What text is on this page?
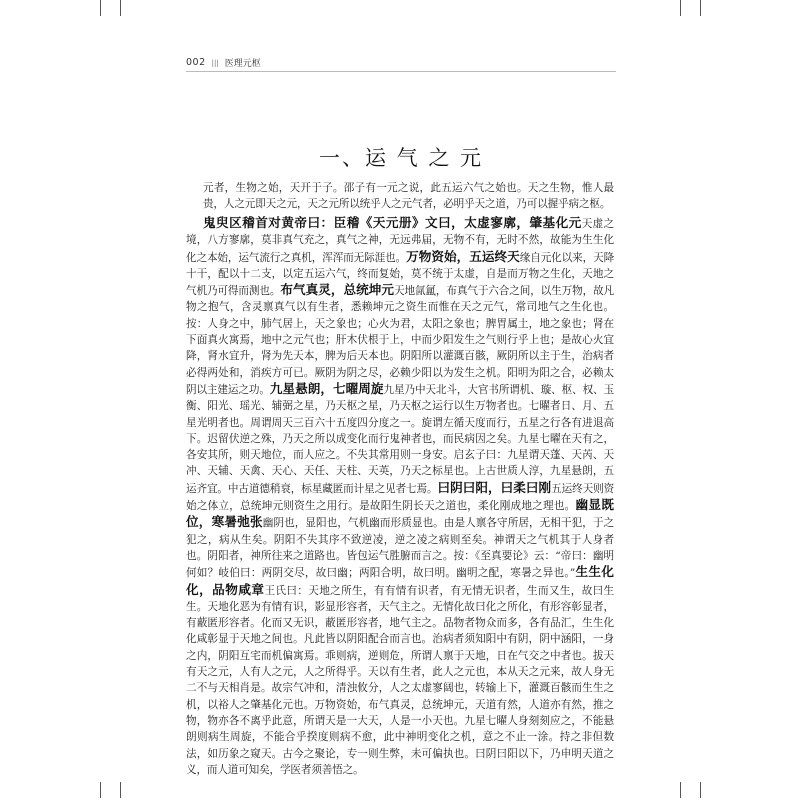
002 ||| 医理元枢
一、运 气 之 元
元者，生物之始，天开于子。邵子有一元之说，此五运六气之始也。天之生物，惟人最贵，人之元即天之元，天之元所以统乎人之元气者，必明乎天之道，乃可以握乎病之枢。
鬼臾区稽首对黄帝曰：臣稽《天元册》文曰，太虚寥廓，肇基化元天虚之境，八方寥廓，莫非真气充之，真气之神，无远弗届，无物不有，无时不然，故能为生生化化之本始，运气流行之真机，浑浑而无际涯也。万物资始，五运终天缘自元化以来，天降十干，配以十二支，以定五运六气，终而复始，莫不统于太虚，自是而万物之生化，天地之气机乃可得而测也。布气真灵，总统坤元天地氤氲，布真气于六合之间，以生万物，故凡物之抱气，含灵禀真气以有生者，悉赖坤元之资生而惟在天之元气，常司地气之生化也。按：人身之中，肺气居上，天之象也；心火为君，太阳之象也；脾胃属土，地之象也；肾在下面真火寓焉，地中之元气也；肝木伏根于上，中而少阳发生之气则行乎上也；是故心火宜降，肾水宜升，肾为先天本，脾为后天本也。阴阳所以灌溉百骸，厥阴所以主于生，治病者必得两处和，消疾方可已。厥阴为阴之尽，必赖少阳以为发生之机。阳明为阳之合，必赖太阴以主建运之功。九星悬朗，七曜周旋九星乃中天北斗，大官书所谓机、璇、枢、权、玉衡、阳光、瑶光、辅弼之星，乃天枢之星，乃天枢之运行以生万物者也。七曜者日、月、五星光明者也。周谓周天三百六十五度四分度之一。旋谓左循天度而行，五星之行各有进退高下。迟留伏逆之殊，乃天之所以成变化而行鬼神者也，而民病因之矣。九星七曜在天有之，各安其所，则天地位，而人应之。不失其常用则一身安。启玄子曰：九星谓天蓬、天芮、天冲、天辅、天禽、天心、天任、天柱、天英，乃天之标星也。上古世质人淳，九星悬朗，五运齐宜。中古道德稍衰，标星藏匿而计星之见者七焉。曰阴曰阳，曰柔曰刚五运终天则资始之体立，总统坤元则资生之用行。是故阳生阴长天之道也，柔化刚成地之理也。幽显既位，寒暑弛张幽阴也，显阳也，气机幽而形质显也。由是人禀各守所居，无相干犯，于之犯之，病从生矣。阴阳不失其序不致逆凌，逆之凌之病则至矣。神谓天之气机其于人身者也。阴阳者，神所往来之道路也。皆包运气胜腑而言之。按：《至真要论》云：“帝曰：幽明何如？岐伯曰：两阴交尽，故曰幽；两阳合明，故曰明。幽明之配，寒暑之异也。”生生化化，品物咸章王氏曰：天地之所生，有有情有识者，有无情无识者，生而又生，故曰生生。天地化恶为有情有识，影显形容者，天气主之。无情化故曰化之所化，有形容彰显者，有蔽匿形容者。化而又无识，蔽匿形容者，地气主之。品物者物众而多，各有品汇，生生化化咸彰显于天地之间也。凡此皆以阴阳配合而言也。治病者须知阳中有阴，阴中涵阳，一身之内，阴阳互宅而机偏寓焉。乖则病，逆则危，所谓人禀于天地，日在气交之中者也。拔天有天之元，人有人之元，人之所得乎。天以有生者，此人之元也，本从天之元来，故人身无二不与天相肖是。故宗气冲和，清浊攸分，人之太虚寥阔也，转输上下，灌溉百骸而生生之机，以裕人之肇基化元也。万物资始，布气真灵，总统坤元，天道有然，人道亦有然，推之物，物亦各不离乎此意，所谓天是一大天，人是一小天也。九星七曜人身刻刻应之，不能悬朗则病生周旋，不能合乎揆度则病不愈，此中神明变化之机，意之不止一涂。持之非但数法，如历象之窥天。古今之聚论，专一则生弊，未可偏执也。曰阴曰阳以下，乃申明天道之义，而人道可知矣，学医者须善悟之。
